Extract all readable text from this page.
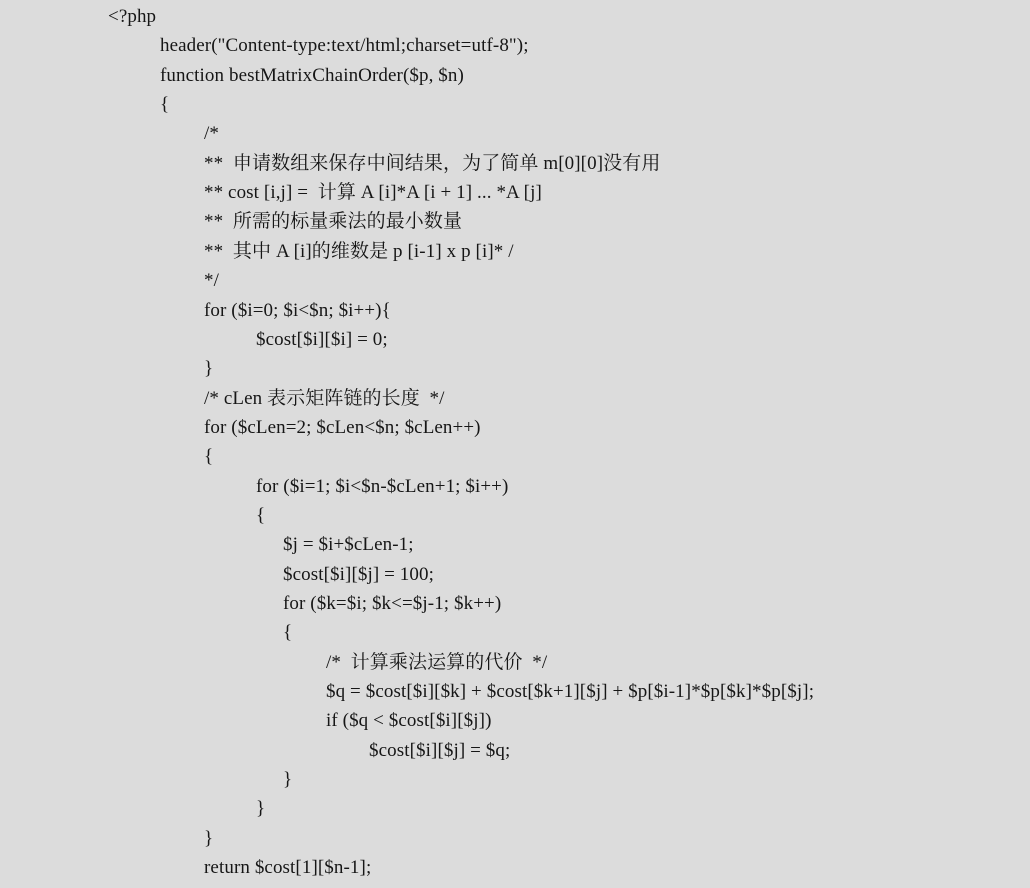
<?php
header("Content-type:text/html;charset=utf-8");
function bestMatrixChainOrder($p, $n)
{
/*
**  申请数组来保存中间结果，为了简单 m[0][0]没有用
** cost [i,j] =  计算 A [i]*A [i + 1] ... *A [j]
**  所需的标量乘法的最小数量
**  其中 A [i]的维数是 p [i-1] x p [i]* /
*/
for ($i=0; $i<$n; $i++){
$cost[$i][$i] = 0;
}
/* cLen 表示矩阵链的长度  */
for ($cLen=2; $cLen<$n; $cLen++)
{
for ($i=1; $i<$n-$cLen+1; $i++)
{
$j = $i+$cLen-1;
$cost[$i][$j] = 100;
for ($k=$i; $k<=$j-1; $k++)
{
/*  计算乘法运算的代价  */
$q = $cost[$i][$k] + $cost[$k+1][$j] + $p[$i-1]*$p[$k]*$p[$j];
if ($q < $cost[$i][$j])
$cost[$i][$j] = $q;
}
}
}
return $cost[1][$n-1];
